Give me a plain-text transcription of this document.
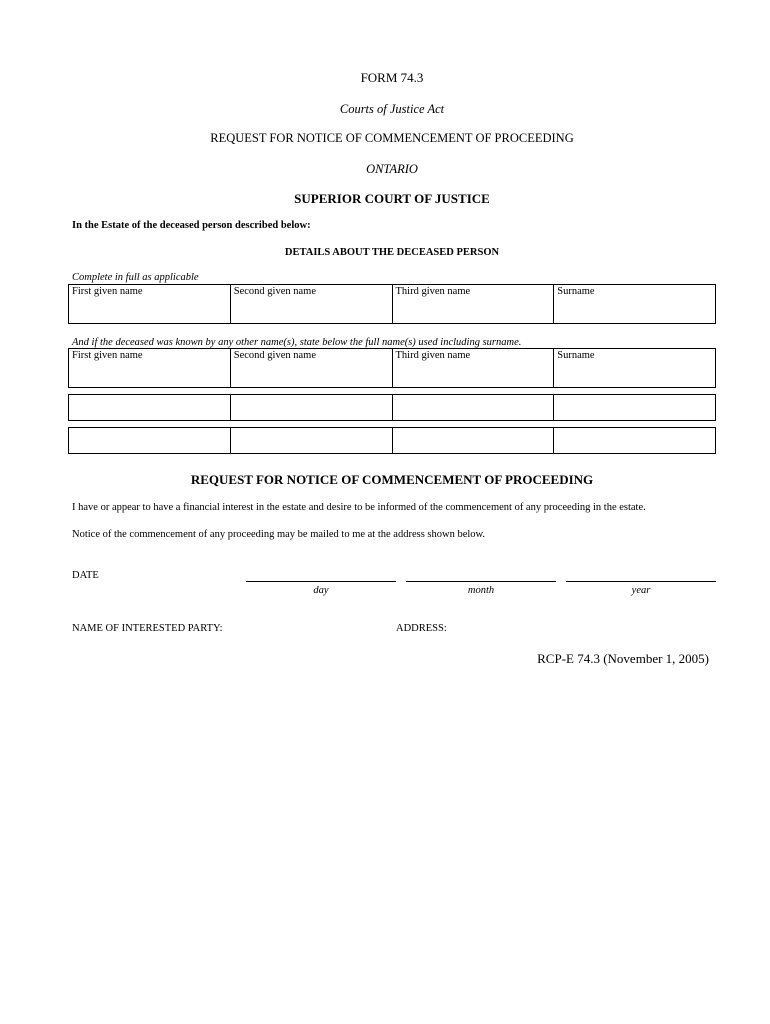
FORM 74.3
Courts of Justice Act
REQUEST FOR NOTICE OF COMMENCEMENT OF PROCEEDING
ONTARIO
SUPERIOR COURT OF JUSTICE
In the Estate of the deceased person described below:
DETAILS ABOUT THE DECEASED PERSON
Complete in full as applicable
First given name	Second given name	Third given name	Surname
And if the deceased was known by any other name(s), state below the full name(s) used including surname.
First given name	Second given name	Third given name	Surname

REQUEST FOR NOTICE OF COMMENCEMENT OF PROCEEDING
I have or appear to have a financial interest in the estate and desire to be informed of the commencement of any proceeding in the estate.
Notice of the commencement of any proceeding may be mailed to me at the address shown below.
DATE
day	month	year
NAME OF INTERESTED PARTY:	ADDRESS:
RCP-E 74.3 (November 1, 2005)
